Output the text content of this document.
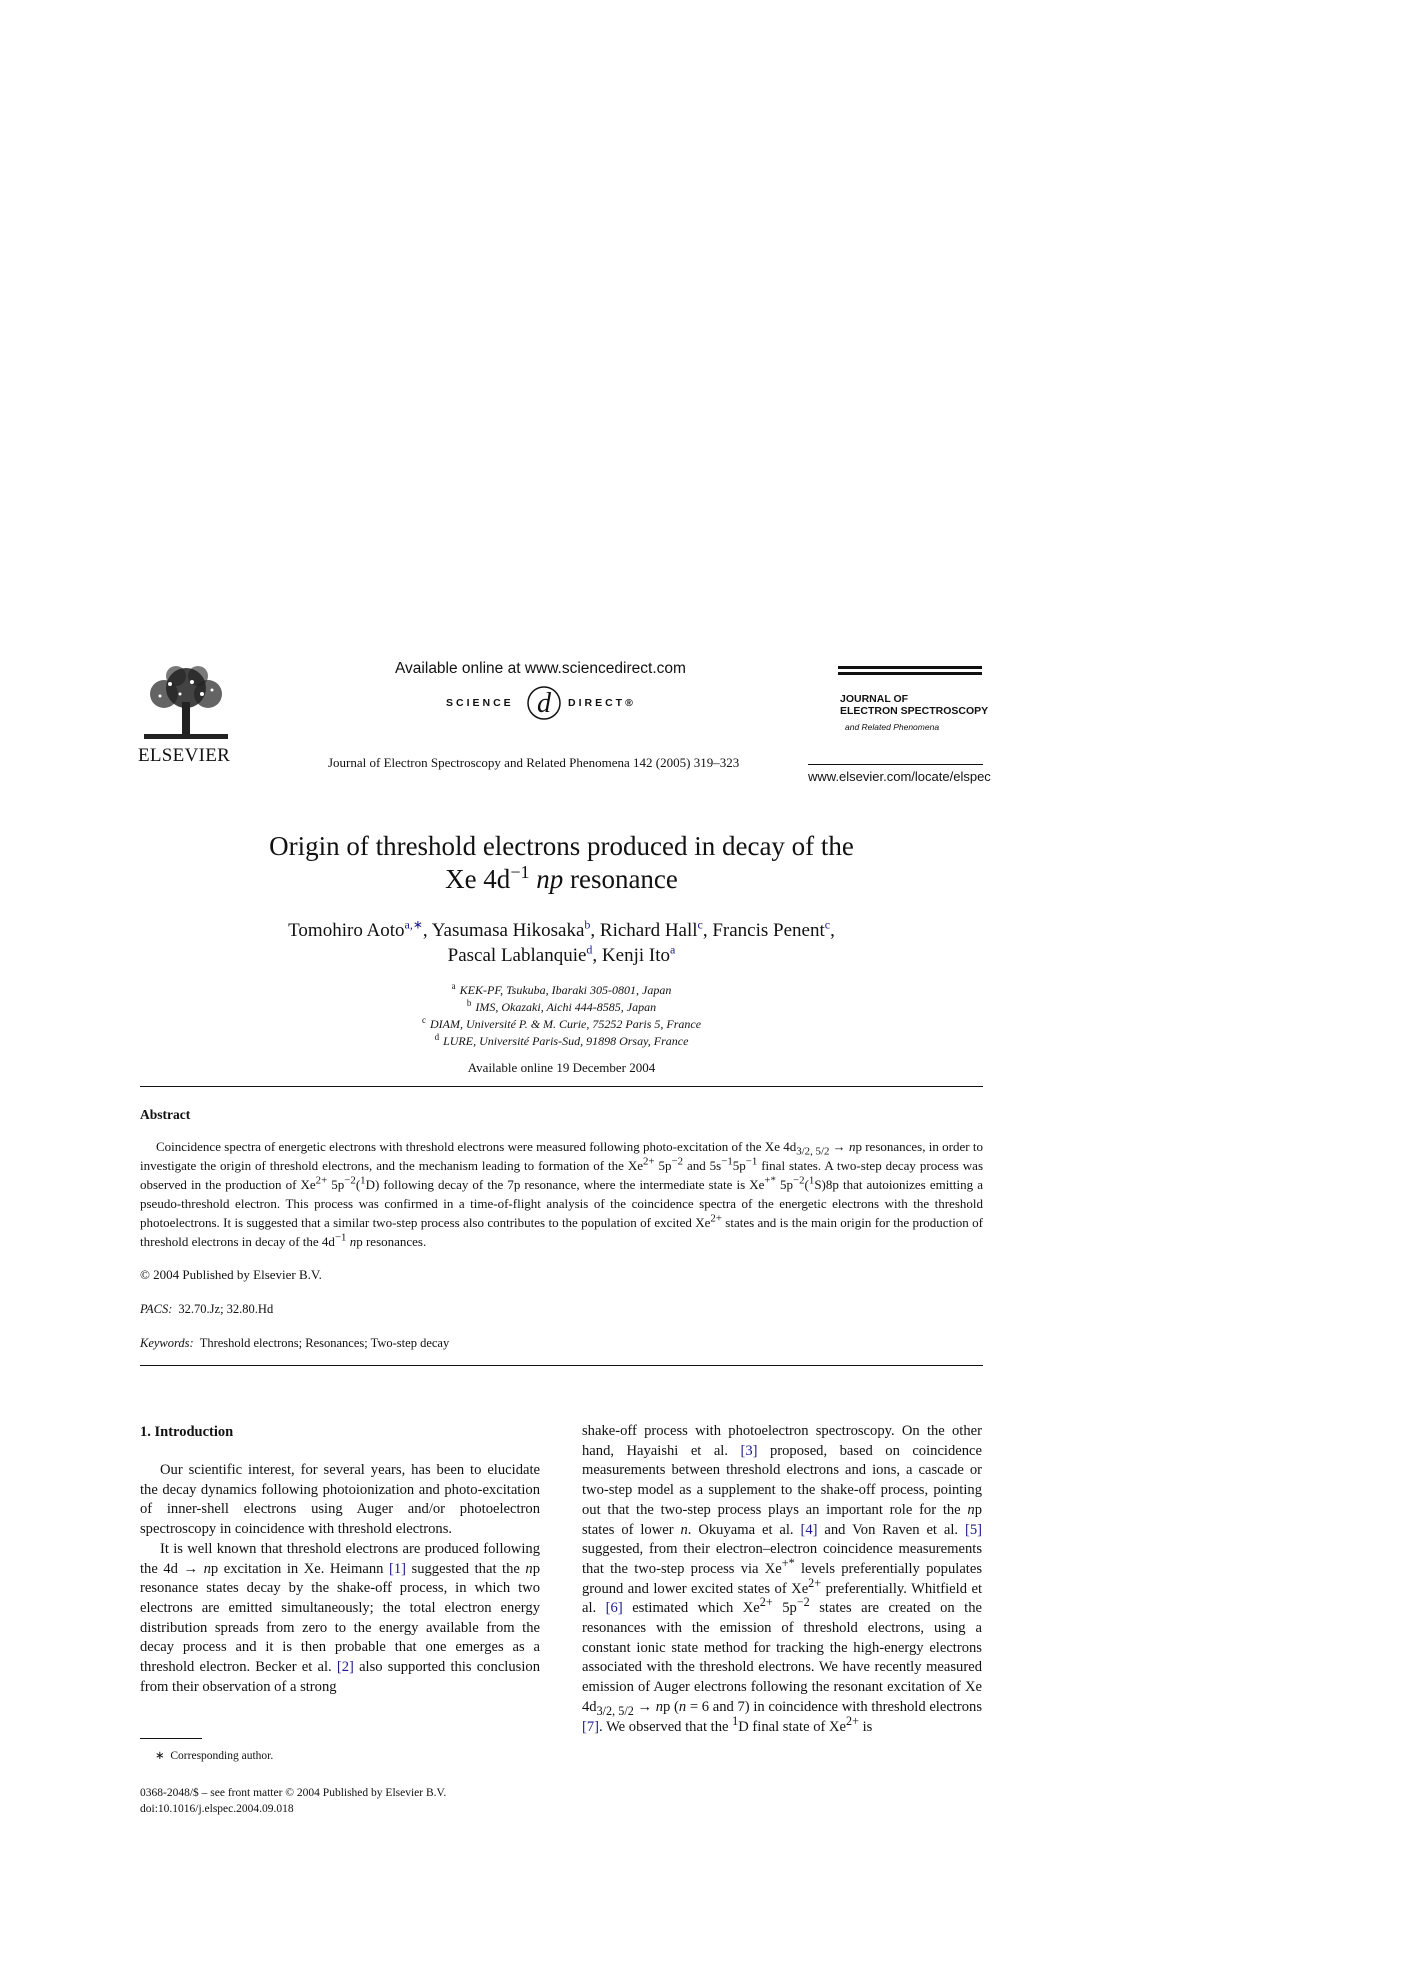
ELSEVIER
Available online at www.sciencedirect.com
SCIENCE d DIRECT®
Journal of Electron Spectroscopy and Related Phenomena 142 (2005) 319–323
JOURNAL OF
ELECTRON SPECTROSCOPY
and Related Phenomena
www.elsevier.com/locate/elspec
Origin of threshold electrons produced in decay of the
Xe $4d^{-1}$ np resonance
Tomohiro Aoto$^{a,∗}$, Yasumasa Hikosaka$^b$, Richard Hall$^c$, Francis Penent$^c$,
Pascal Lablanquie$^d$, Kenji Ito$^a$
$^a$ KEK-PF, Tsukuba, Ibaraki 305-0801, Japan
$^b$ IMS, Okazaki, Aichi 444-8585, Japan
$^c$ DIAM, Université P. & M. Curie, 75252 Paris 5, France
$^d$ LURE, Université Paris-Sud, 91898 Orsay, France
Available online 19 December 2004
Abstract
Coincidence spectra of energetic electrons with threshold electrons were measured following photo-excitation of the Xe $4d_{3/2, 5/2}$ → np resonances, in order to investigate the origin of threshold electrons, and the mechanism leading to formation of the $Xe^{2+}$ $5p^{-2}$ and $5s^{-1}5p^{-1}$ final states. A two-step decay process was observed in the production of $Xe^{2+}$ $5p^{-2}(^1D)$ following decay of the 7p resonance, where the intermediate state is Xe+* $5p^{-2}(^1S)8p$ that autoionizes emitting a pseudo-threshold electron. This process was confirmed in a time-of-flight analysis of the coincidence spectra of the energetic electrons with the threshold photoelectrons. It is suggested that a similar two-step process also contributes to the population of excited $Xe^{2+}$ states and is the main origin for the production of threshold electrons in decay of the $4d^{-1}$ np resonances.
© 2004 Published by Elsevier B.V.
PACS: 32.70.Jz; 32.80.Hd
Keywords: Threshold electrons; Resonances; Two-step decay
1. Introduction

Our scientific interest, for several years, has been to elucidate the decay dynamics following photoionization and photo-excitation of inner-shell electrons using Auger and/or photoelectron spectroscopy in coincidence with threshold electrons.

It is well known that threshold electrons are produced following the 4d → np excitation in Xe. Heimann [1] suggested that the np resonance states decay by the shake-off process, in which two electrons are emitted simultaneously; the total electron energy distribution spreads from zero to the energy available from the decay process and it is then probable that one emerges as a threshold electron. Becker et al. [2] also supported this conclusion from their observation of a strong

shake-off process with photoelectron spectroscopy. On the other hand, Hayaishi et al. [3] proposed, based on coincidence measurements between threshold electrons and ions, a cascade or two-step model as a supplement to the shake-off process, pointing out that the two-step process plays an important role for the np states of lower n. Okuyama et al. [4] and Von Raven et al. [5] suggested, from their electron–electron coincidence measurements that the two-step process via Xe+* levels preferentially populates ground and lower excited states of $Xe^{2+}$ preferentially. Whitfield et al. [6] estimated which $Xe^{2+}$ $5p^{-2}$ states are created on the resonances with the emission of threshold electrons, using a constant ionic state method for tracking the high-energy electrons associated with the threshold electrons. We have recently measured emission of Auger electrons following the resonant excitation of Xe $4d_{3/2, 5/2}$ → np (n = 6 and 7) in coincidence with threshold electrons [7]. We observed that the $^1$D final state of $Xe^{2+}$ is

∗ Corresponding author.
0368-2048/$ – see front matter © 2004 Published by Elsevier B.V.
doi:10.1016/j.elspec.2004.09.018
